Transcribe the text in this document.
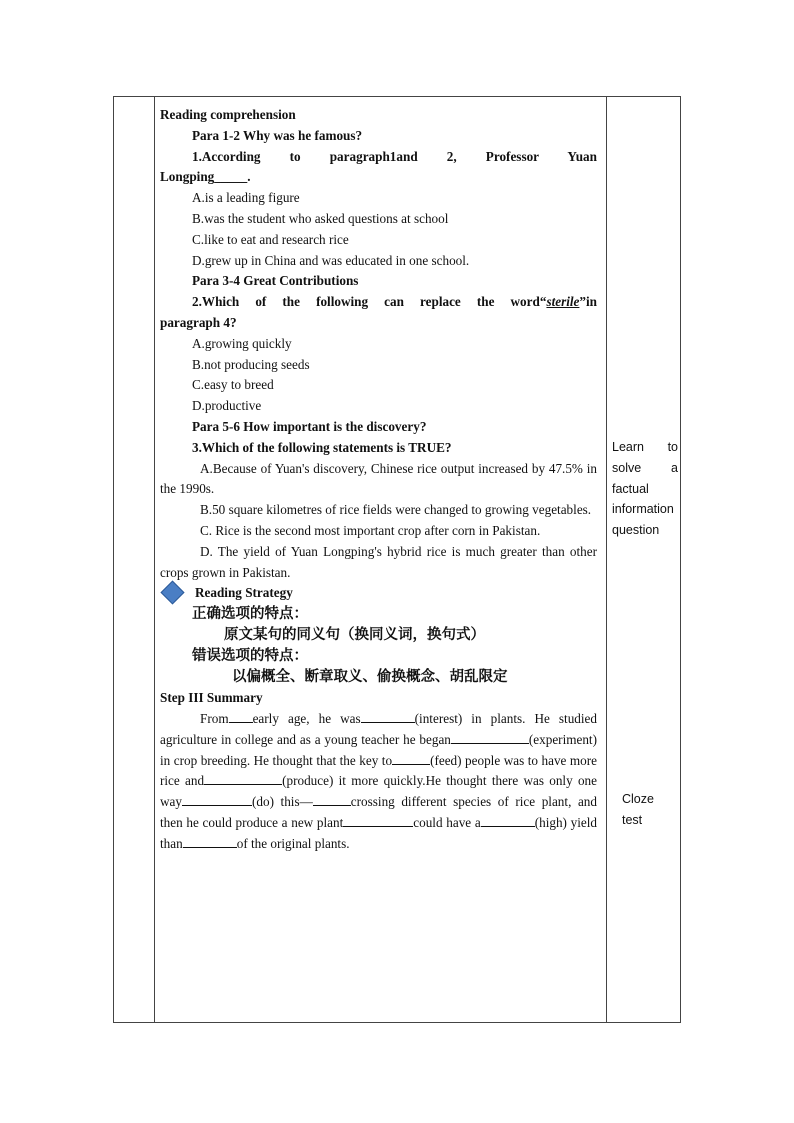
Reading comprehension
Para 1-2 Why was he famous?
1.According to paragraph1and 2, Professor Yuan
Longping_____.
A.is a leading figure
B.was the student who asked questions at school
C.like to eat and research rice
D.grew up in China and was educated in one school.
Para 3-4 Great Contributions
2.Which of the following can replace the word“sterile”in
paragraph 4?
A.growing quickly
B.not producing seeds
C.easy to breed
D.productive
Para 5-6 How important is the discovery?
3.Which of the following statements is TRUE?
A.Because of Yuan's discovery, Chinese rice output increased by 47.5% in the 1990s.
B.50 square kilometres of rice fields were changed to growing vegetables.
C. Rice is the second most important crop after corn in Pakistan.
D. The yield of Yuan Longping's hybrid rice is much greater than other crops grown in Pakistan.
Reading Strategy
正确选项的特点：
原文某句的同义句（换同义词，换句式）
错误选项的特点：
以偏概全、断章取义、偷换概念、胡乱限定
Step III Summary
From early age, he was	(interest) in plants. He studied agriculture in college and as a young teacher he began	(experiment) in crop breeding. He thought that the key to	(feed) people was to have more rice and	(produce) it more quickly.He thought there was only one way	(do) this—	crossing different species of rice plant, and then he could produce a new plant	could have a	(high) yield than	of the original plants.
Learn to solve a factual information question
Cloze test
